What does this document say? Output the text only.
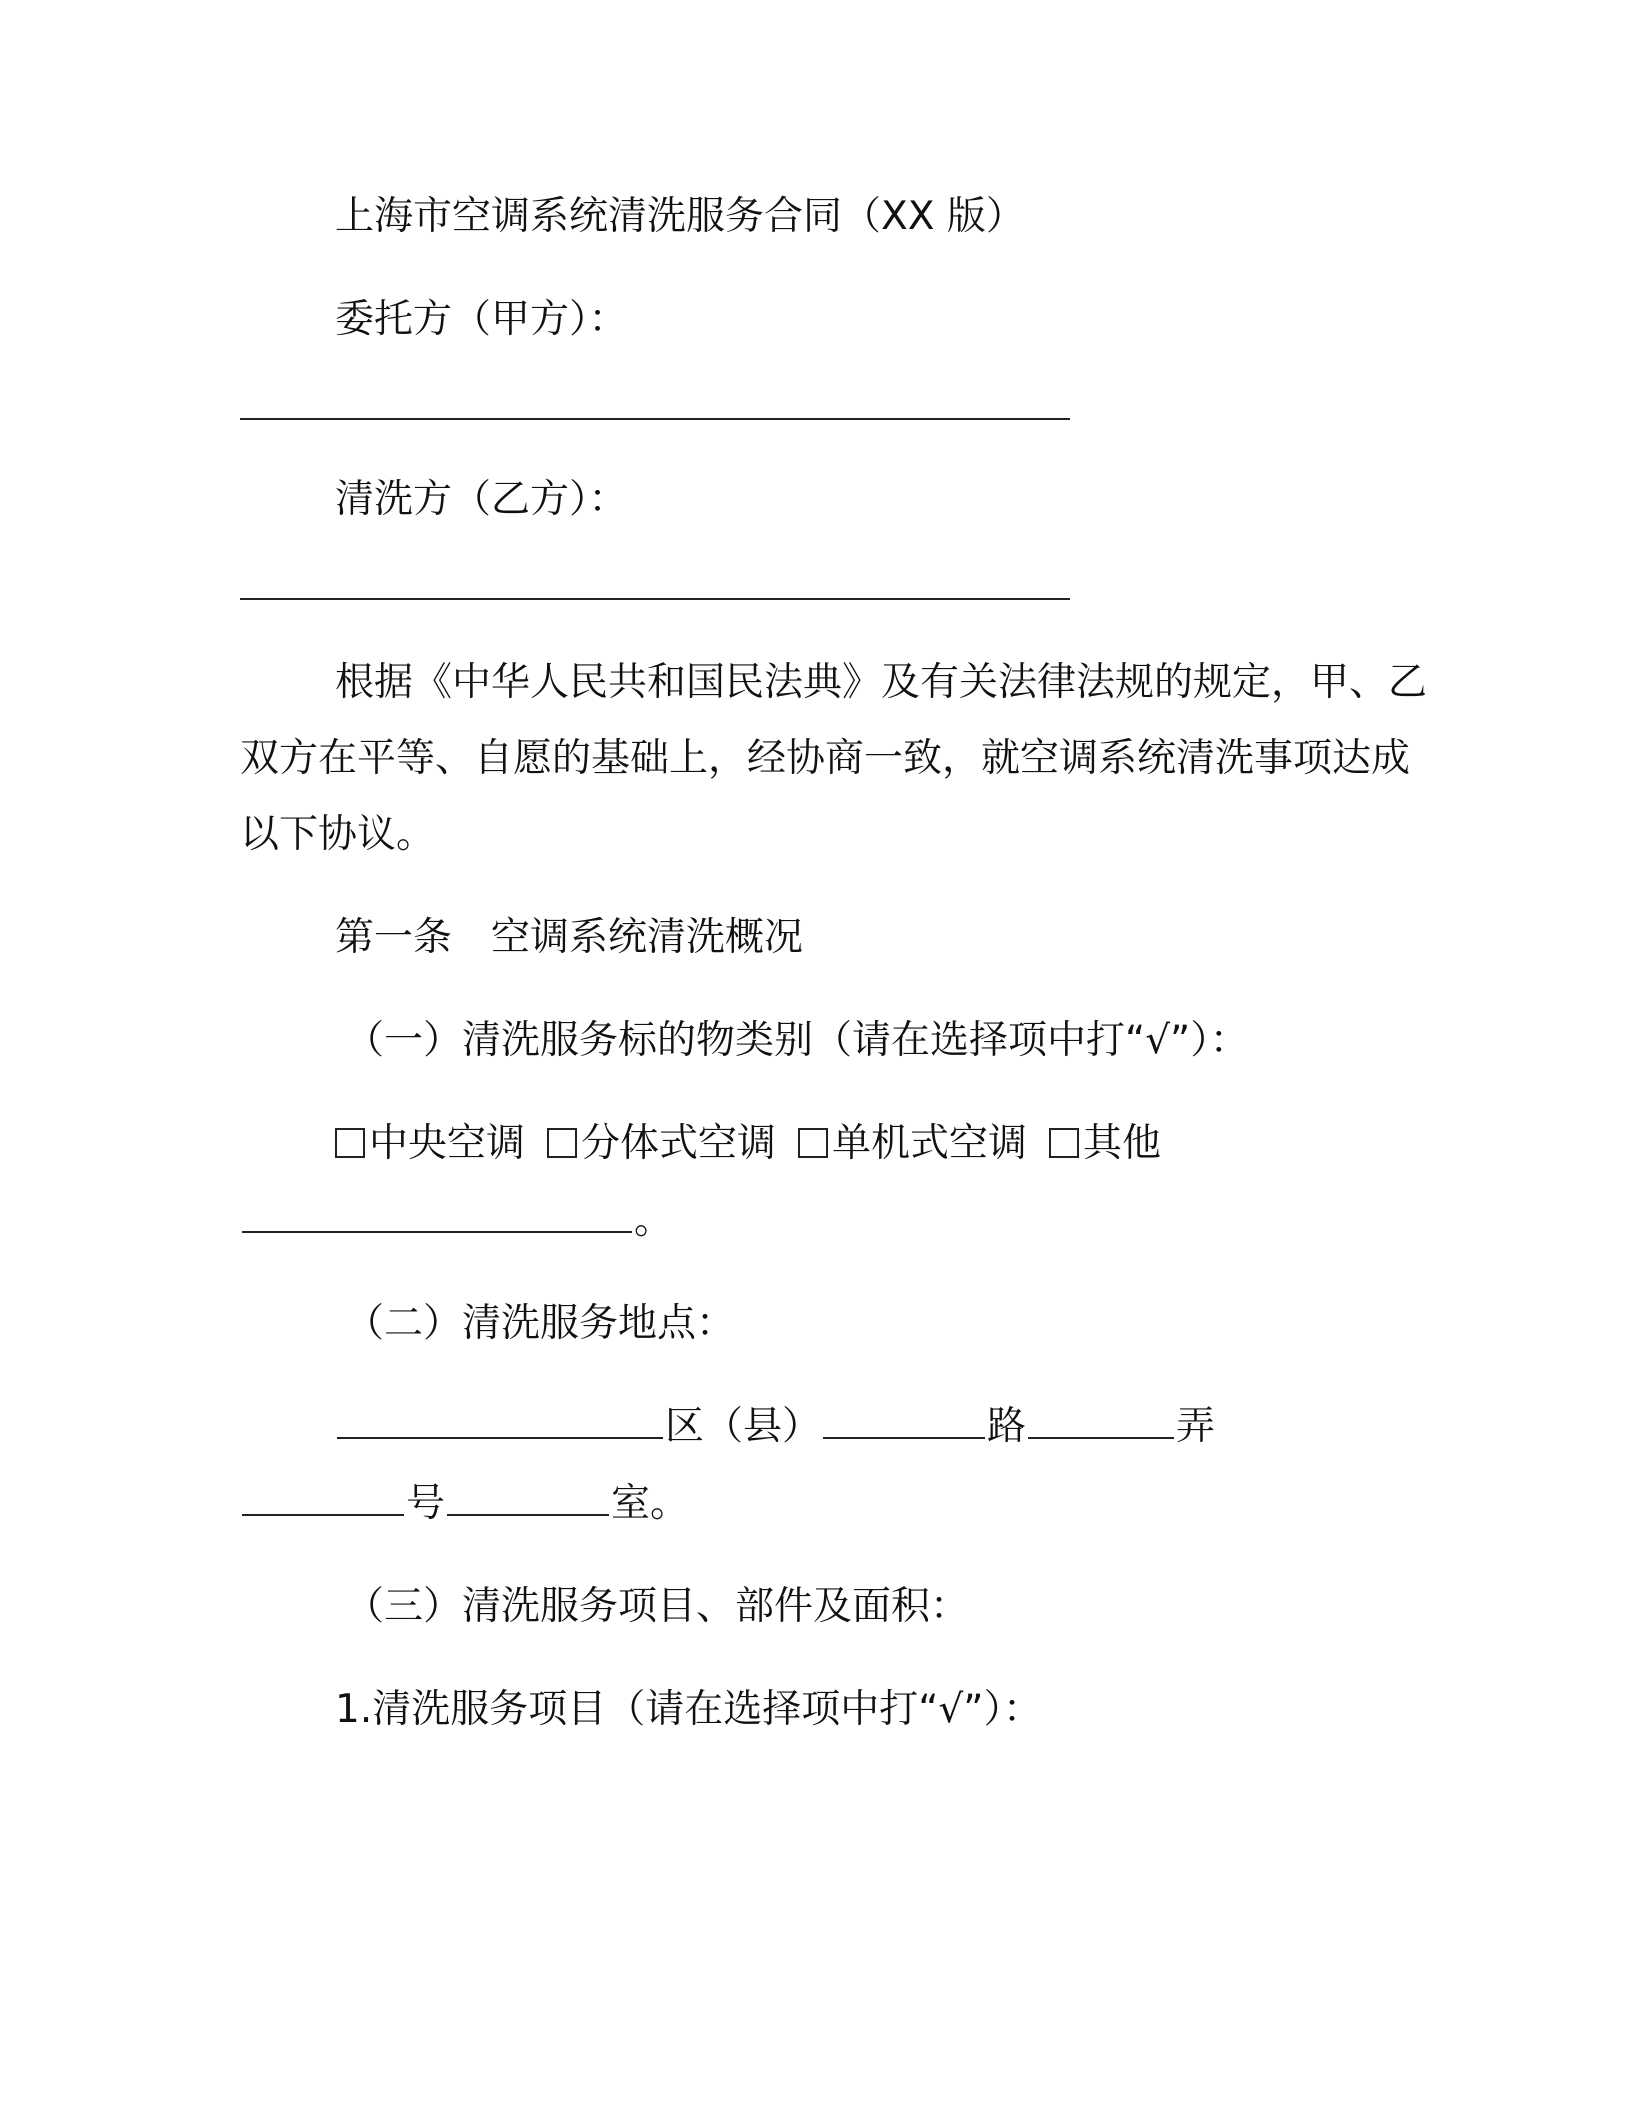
上海市空调系统清洗服务合同（XX 版）
委托方（甲方）：
清洗方（乙方）：
根据《中华人民共和国民法典》及有关法律法规的规定，甲、乙
双方在平等、自愿的基础上，经协商一致，就空调系统清洗事项达成
以下协议。
第一条　空调系统清洗概况
（一）清洗服务标的物类别（请在选择项中打“√”）：
中央空调 分体式空调 单机式空调 其他
。
（二）清洗服务地点：
区（县）	路	弄
号	室。
（三）清洗服务项目、部件及面积：
1.清洗服务项目（请在选择项中打“√”）：
